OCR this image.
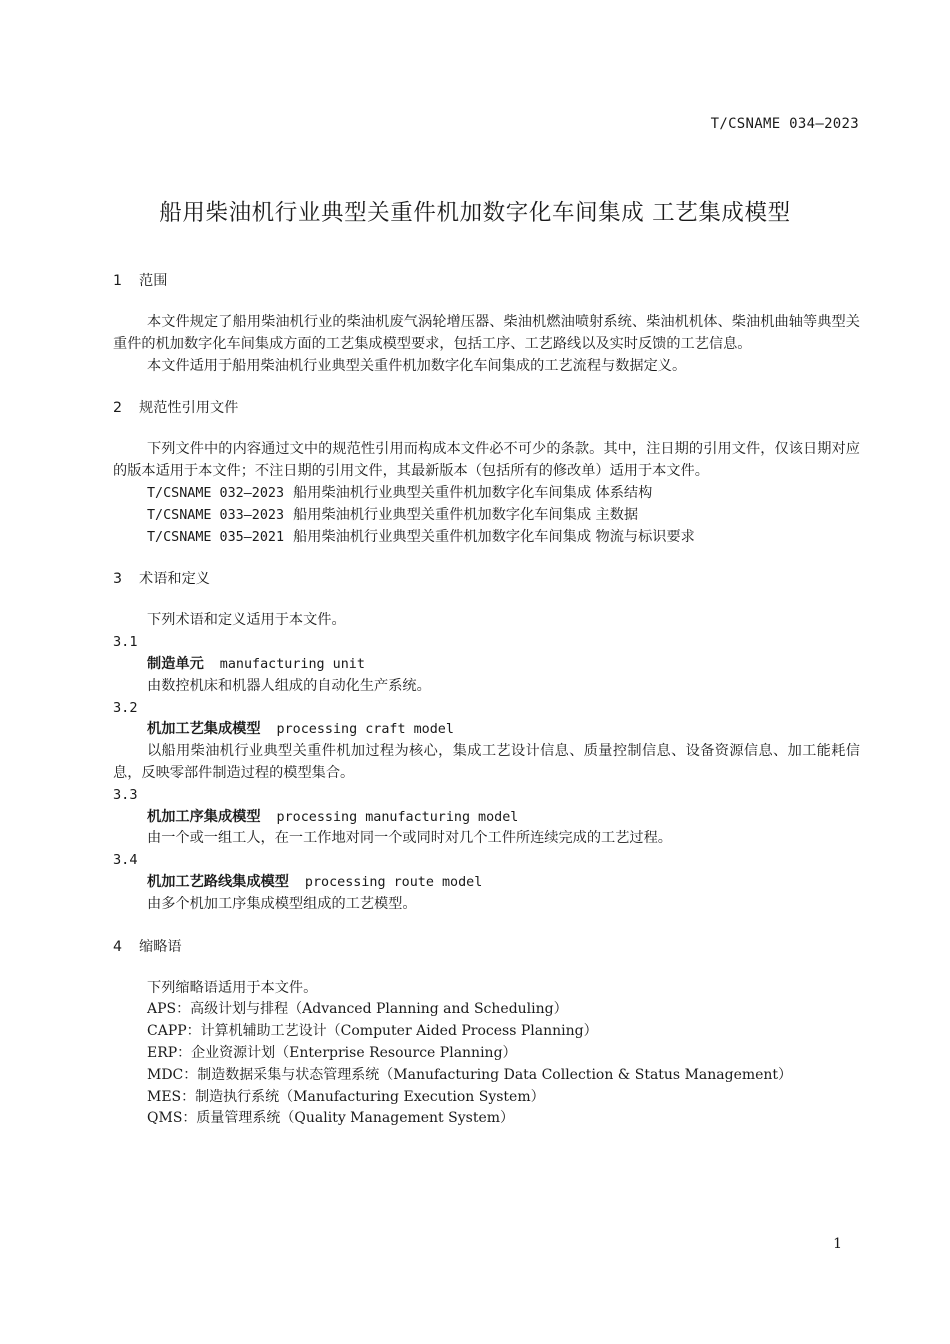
T/CSNAME 034—2023
船用柴油机行业典型关重件机加数字化车间集成 工艺集成模型
1 范围

本文件规定了船用柴油机行业的柴油机废气涡轮增压器、柴油机燃油喷射系统、柴油机机体、柴油机曲轴等典型关重件的机加数字化车间集成方面的工艺集成模型要求，包括工序、工艺路线以及实时反馈的工艺信息。

本文件适用于船用柴油机行业典型关重件机加数字化车间集成的工艺流程与数据定义。

2 规范性引用文件

下列文件中的内容通过文中的规范性引用而构成本文件必不可少的条款。其中，注日期的引用文件，仅该日期对应的版本适用于本文件；不注日期的引用文件，其最新版本（包括所有的修改单）适用于本文件。

T/CSNAME 032—2023 船用柴油机行业典型关重件机加数字化车间集成 体系结构

T/CSNAME 033—2023 船用柴油机行业典型关重件机加数字化车间集成 主数据

T/CSNAME 035—2021 船用柴油机行业典型关重件机加数字化车间集成 物流与标识要求

3 术语和定义

下列术语和定义适用于本文件。

3.1

制造单元 manufacturing unit

由数控机床和机器人组成的自动化生产系统。

3.2

机加工艺集成模型 processing craft model

以船用柴油机行业典型关重件机加过程为核心，集成工艺设计信息、质量控制信息、设备资源信息、加工能耗信息，反映零部件制造过程的模型集合。

3.3

机加工序集成模型 processing manufacturing model

由一个或一组工人，在一工作地对同一个或同时对几个工件所连续完成的工艺过程。

3.4

机加工艺路线集成模型 processing route model

由多个机加工序集成模型组成的工艺模型。

4 缩略语

下列缩略语适用于本文件。

APS：高级计划与排程（Advanced Planning and Scheduling）

CAPP：计算机辅助工艺设计（Computer Aided Process Planning）

ERP：企业资源计划（Enterprise Resource Planning）

MDC：制造数据采集与状态管理系统（Manufacturing Data Collection & Status Management）

MES：制造执行系统（Manufacturing Execution System）

QMS：质量管理系统（Quality Management System）

1
